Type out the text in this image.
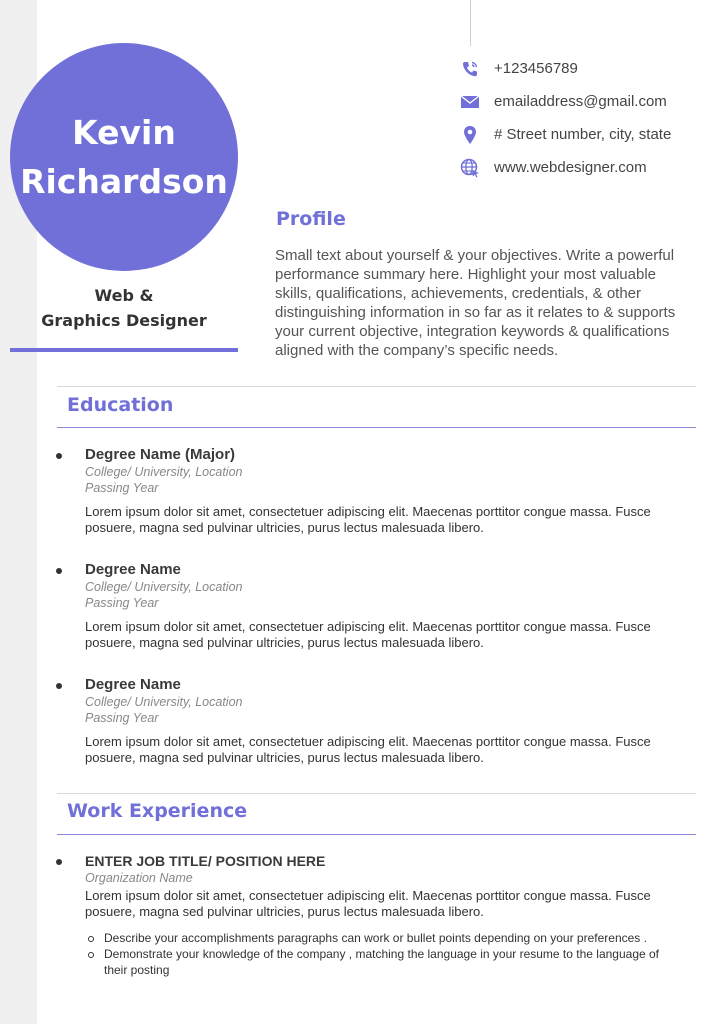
Kevin
Richardson
Web &
Graphics Designer
+123456789
emailaddress@gmail.com
# Street number, city, state
www.webdesigner.com
Profile
Small text about yourself & your objectives. Write a powerful performance summary here. Highlight your most valuable skills, qualifications, achievements, credentials, & other distinguishing information in so far as it relates to & supports your current objective, integration keywords & qualifications aligned with the company’s specific needs.
Education
Degree Name (Major)
College/ University, Location
Passing Year
Lorem ipsum dolor sit amet, consectetuer adipiscing elit. Maecenas porttitor congue massa. Fusce posuere, magna sed pulvinar ultricies, purus lectus malesuada libero.
Degree Name
College/ University, Location
Passing Year
Lorem ipsum dolor sit amet, consectetuer adipiscing elit. Maecenas porttitor congue massa. Fusce posuere, magna sed pulvinar ultricies, purus lectus malesuada libero.
Degree Name
College/ University, Location
Passing Year
Lorem ipsum dolor sit amet, consectetuer adipiscing elit. Maecenas porttitor congue massa. Fusce posuere, magna sed pulvinar ultricies, purus lectus malesuada libero.
Work Experience
ENTER JOB TITLE/ POSITION HERE
Organization Name
Lorem ipsum dolor sit amet, consectetuer adipiscing elit. Maecenas porttitor congue massa. Fusce posuere, magna sed pulvinar ultricies, purus lectus malesuada libero.
Describe your accomplishments paragraphs can work or bullet points depending on your preferences .
Demonstrate your knowledge of the company , matching the language in your resume to the language of their posting
